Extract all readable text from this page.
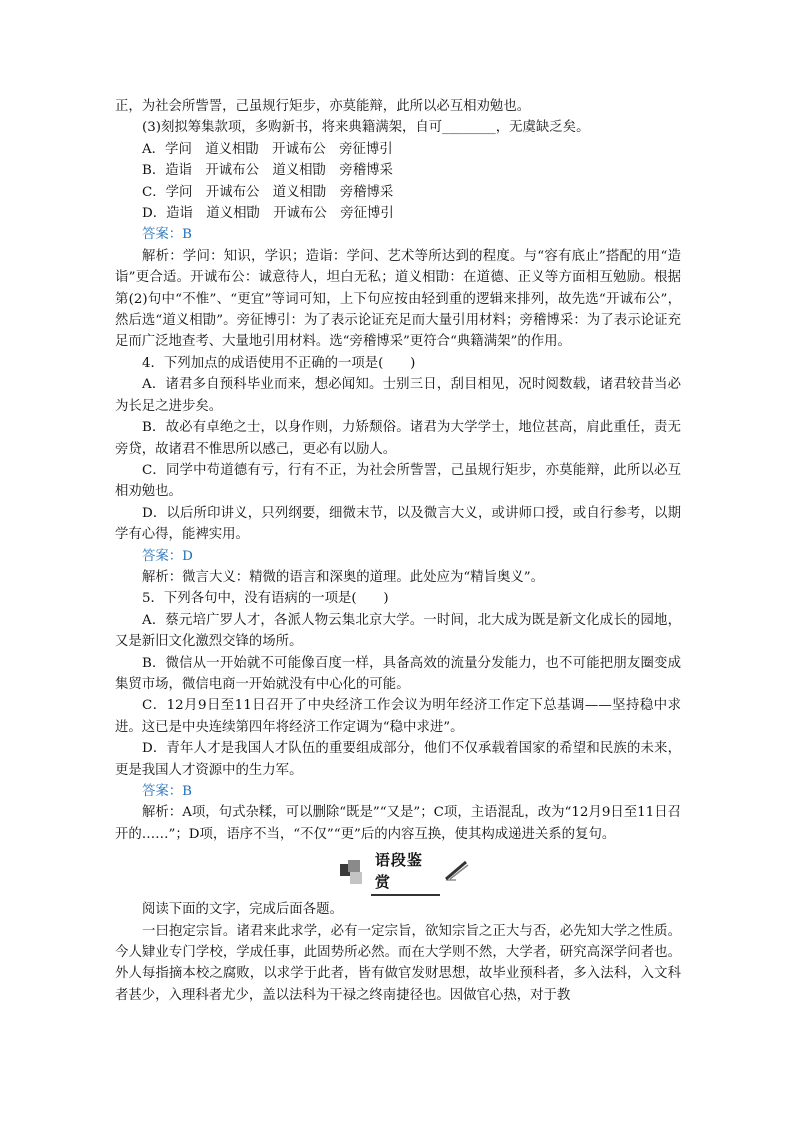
正，为社会所訾詈，己虽规行矩步，亦莫能辩，此所以必互相劝勉也。

(3)刻拟筹集款项，多购新书，将来典籍满架，自可________，无虞缺乏矣。

A．学问　道义相勖　开诚布公　旁征博引

B．造诣　开诚布公　道义相勖　旁稽博采

C．学问　开诚布公　道义相勖　旁稽博采

D．造诣　道义相勖　开诚布公　旁征博引

答案：B

解析：学问：知识，学识；造诣：学问、艺术等所达到的程度。与“容有底止”搭配的用“造诣”更合适。开诚布公：诚意待人，坦白无私；道义相勖：在道德、正义等方面相互勉励。根据第(2)句中“不惟”、“更宜”等词可知，上下句应按由轻到重的逻辑来排列，故先选“开诚布公”，然后选“道义相勖”。旁征博引：为了表示论证充足而大量引用材料；旁稽博采：为了表示论证充足而广泛地查考、大量地引用材料。选“旁稽博采”更符合“典籍满架”的作用。

4．下列加点的成语使用不正确的一项是(　　)

A．诸君多自预科毕业而来，想必闻知。士别三日，刮目相见，况时阅数载，诸君较昔当必为长足之进步矣。

B．故必有卓绝之士，以身作则，力矫颓俗。诸君为大学学士，地位甚高，肩此重任，责无旁贷，故诸君不惟思所以感己，更必有以励人。

C．同学中苟道德有亏，行有不正，为社会所訾詈，己虽规行矩步，亦莫能辩，此所以必互相劝勉也。

D．以后所印讲义，只列纲要，细微末节，以及微言大义，或讲师口授，或自行参考，以期学有心得，能裨实用。

答案：D

解析：微言大义：精微的语言和深奥的道理。此处应为“精旨奥义”。

5．下列各句中，没有语病的一项是(　　)

A．蔡元培广罗人才，各派人物云集北京大学。一时间，北大成为既是新文化成长的园地，又是新旧文化激烈交锋的场所。

B．微信从一开始就不可能像百度一样，具备高效的流量分发能力，也不可能把朋友圈变成集贸市场，微信电商一开始就没有中心化的可能。

C．12月9日至11日召开了中央经济工作会议为明年经济工作定下总基调——坚持稳中求进。这已是中央连续第四年将经济工作定调为“稳中求进”。

D．青年人才是我国人才队伍的重要组成部分，他们不仅承载着国家的希望和民族的未来，更是我国人才资源中的生力军。

答案：B

解析：A项，句式杂糅，可以删除“既是”“又是”；C项，主语混乱，改为“12月9日至11日召开的……”；D项，语序不当，“不仅”“更”后的内容互换，使其构成递进关系的复句。

语段鉴赏

阅读下面的文字，完成后面各题。

一曰抱定宗旨。诸君来此求学，必有一定宗旨，欲知宗旨之正大与否，必先知大学之性质。今人肄业专门学校，学成任事，此固势所必然。而在大学则不然，大学者，研究高深学问者也。外人每指摘本校之腐败，以求学于此者，皆有做官发财思想，故毕业预科者，多入法科，入文科者甚少，入理科者尤少，盖以法科为干禄之终南捷径也。因做官心热，对于教
